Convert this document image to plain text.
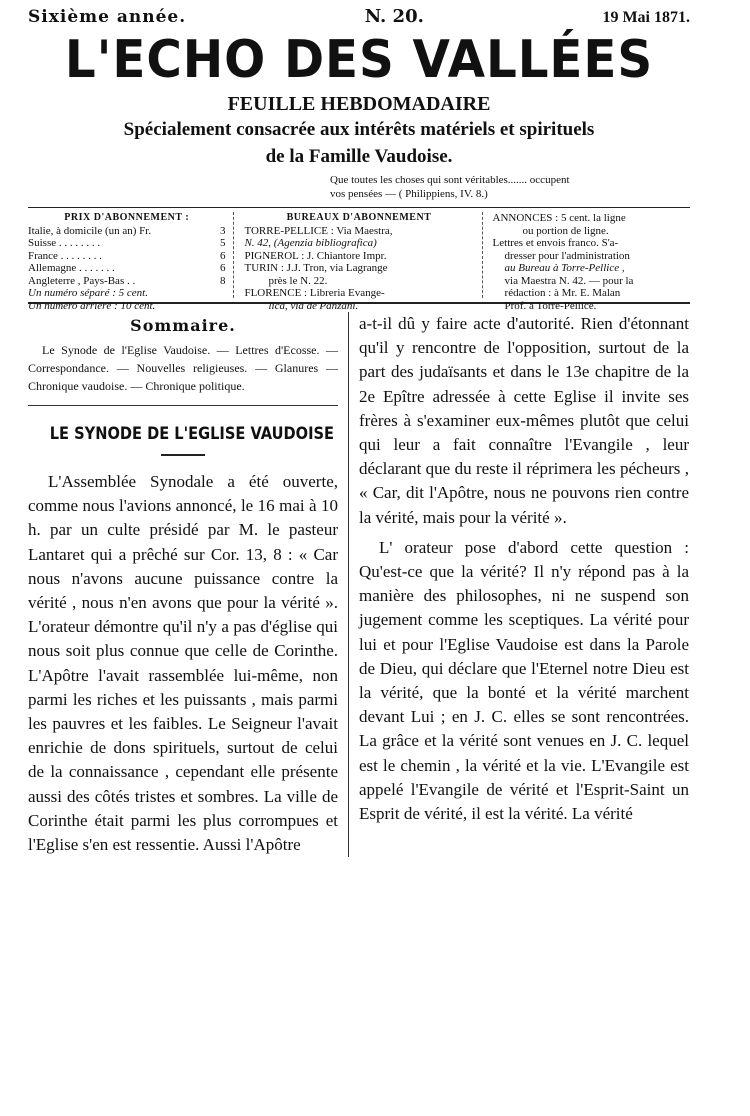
Sixième année.	N. 20.	19 Mai 1871.
L'ECHO DES VALLÉES
FEUILLE HEBDOMADAIRE
Spécialement consacrée aux intérêts matériels et spirituels
de la Famille Vaudoise.
Que toutes les choses qui sont véritables....... occupent
vos pensées — ( Philippiens, IV. 8.)
PRIX D'ABONNEMENT :
Italie, à domicile (un an) Fr.	3
Suisse . . . . . . . .	5
France . . . . . . . .	6
Allemagne . . . . . . .	6
Angleterre , Pays-Bas . .	8
Un numéro séparé : 5 cent.
Un numéro arriéré : 10 cent.
BUREAUX D'ABONNEMENT
TORRE-PELLICE : Via Maestra,
N. 42, (Agenzia bibliografica)
PIGNEROL : J. Chiantore Impr.
TURIN : J.J. Tron, via Lagrange
près le N. 22.
FLORENCE : Libreria Evange-
lica, via de'Panzani.
ANNONCES : 5 cent. la ligne
ou portion de ligne.
Lettres et envois franco. S'a-
dresser pour l'administration
au Bureau à Torre-Pellice ,
via Maestra N. 42. — pour la
rédaction : à Mr. E. Malan
Prof. à Torre-Pellice.
Sommaire.
Le Synode de l'Eglise Vaudoise. — Lettres d'Ecosse. — Correspondance. — Nouvelles religieuses. — Glanures — Chronique vaudoise. — Chronique politique.
LE SYNODE DE L'EGLISE VAUDOISE
L'Assemblée Synodale a été ouverte, comme nous l'avions annoncé, le 16 mai à 10 h. par un culte présidé par M. le pasteur Lantaret qui a prêché sur Cor. 13, 8 : « Car nous n'avons aucune puissance contre la vérité , nous n'en avons que pour la vérité ». L'orateur démontre qu'il n'y a pas d'église qui nous soit plus connue que celle de Corinthe. L'Apôtre l'avait rassemblée lui-même, non parmi les riches et les puissants , mais parmi les pauvres et les faibles. Le Seigneur l'avait enrichie de dons spirituels, surtout de celui de la connaissance , cependant elle présente aussi des côtés tristes et sombres. La ville de Corinthe était parmi les plus corrompues et l'Eglise s'en est ressentie. Aussi l'Apôtre
a-t-il dû y faire acte d'autorité. Rien d'étonnant qu'il y rencontre de l'opposition, surtout de la part des judaïsants et dans le 13e chapitre de la 2e Epître adressée à cette Eglise il invite ses frères à s'examiner eux-mêmes plutôt que celui qui leur a fait connaître l'Evangile , leur déclarant que du reste il réprimera les pécheurs , « Car, dit l'Apôtre, nous ne pouvons rien contre la vérité, mais pour la vérité ».
L' orateur pose d'abord cette question : Qu'est-ce que la vérité? Il n'y répond pas à la manière des philosophes, ni ne suspend son jugement comme les sceptiques. La vérité pour lui et pour l'Eglise Vaudoise est dans la Parole de Dieu, qui déclare que l'Eternel notre Dieu est la vérité, que la bonté et la vérité marchent devant Lui ; en J. C. elles se sont rencontrées. La grâce et la vérité sont venues en J. C. lequel est le chemin , la vérité et la vie. L'Evangile est appelé l'Evangile de vérité et l'Esprit-Saint un Esprit de vérité, il est la vérité. La vérité
